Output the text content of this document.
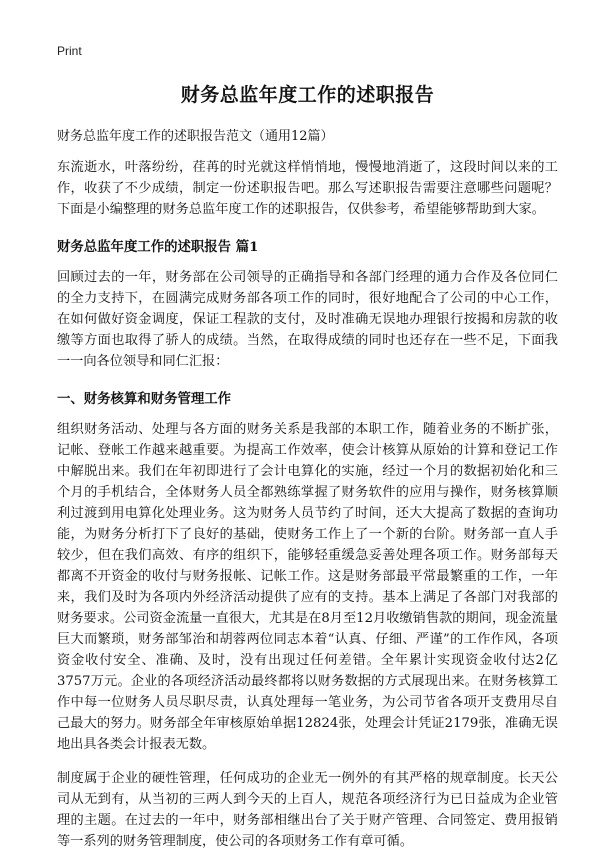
Print
财务总监年度工作的述职报告
财务总监年度工作的述职报告范文（通用12篇）

东流逝水，叶落纷纷，荏苒的时光就这样悄悄地，慢慢地消逝了，这段时间以来的工作，收获了不少成绩，制定一份述职报告吧。那么写述职报告需要注意哪些问题呢？下面是小编整理的财务总监年度工作的述职报告，仅供参考，希望能够帮助到大家。

财务总监年度工作的述职报告 篇1

回顾过去的一年，财务部在公司领导的正确指导和各部门经理的通力合作及各位同仁的全力支持下，在圆满完成财务部各项工作的同时，很好地配合了公司的中心工作，在如何做好资金调度，保证工程款的支付，及时准确无误地办理银行按揭和房款的收缴等方面也取得了骄人的成绩。当然，在取得成绩的同时也还存在一些不足，下面我一一向各位领导和同仁汇报：

一、财务核算和财务管理工作

组织财务活动、处理与各方面的财务关系是我部的本职工作，随着业务的不断扩张，记帐、登帐工作越来越重要。为提高工作效率，使会计核算从原始的计算和登记工作中解脱出来。我们在年初即进行了会计电算化的实施，经过一个月的数据初始化和三个月的手机结合，全体财务人员全都熟练掌握了财务软件的应用与操作，财务核算顺利过渡到用电算化处理业务。这为财务人员节约了时间，还大大提高了数据的查询功能，为财务分析打下了良好的基础，使财务工作上了一个新的台阶。财务部一直人手较少，但在我们高效、有序的组织下，能够轻重缓急妥善处理各项工作。财务部每天都离不开资金的收付与财务报帐、记帐工作。这是财务部最平常最繁重的工作，一年来，我们及时为各项内外经济活动提供了应有的支持。基本上满足了各部门对我部的财务要求。公司资金流量一直很大，尤其是在8月至12月收缴销售款的期间，现金流量巨大而繁琐，财务部邹治和胡蓉两位同志本着“认真、仔细、严谨”的工作作风，各项资金收付安全、准确、及时，没有出现过任何差错。全年累计实现资金收付达2亿3757万元。企业的各项经济活动最终都将以财务数据的方式展现出来。在财务核算工作中每一位财务人员尽职尽责，认真处理每一笔业务，为公司节省各项开支费用尽自己最大的努力。财务部全年审核原始单据12824张，处理会计凭证2179张，准确无误地出具各类会计报表无数。

制度属于企业的硬性管理，任何成功的企业无一例外的有其严格的规章制度。长天公司从无到有，从当初的三两人到今天的上百人，规范各项经济行为已日益成为企业管理的主题。在过去的一年中，财务部相继出台了关于财产管理、合同签定、费用报销等一系列的财务管理制度，使公司的各项财务工作有章可循。
